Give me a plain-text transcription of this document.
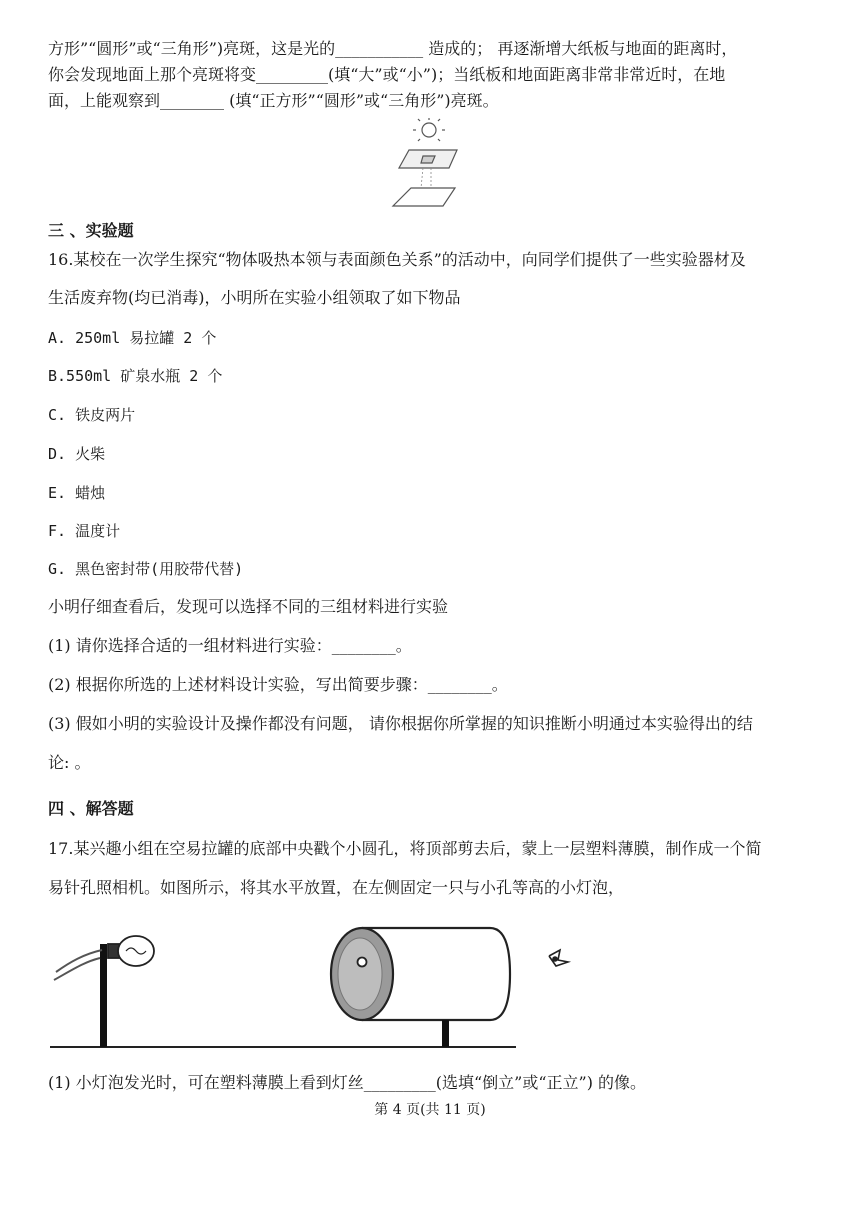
方形”“圆形”或“三角形”)亮斑，这是光的___________ 造成的； 再逐渐增大纸板与地面的距离时，
你会发现地面上那个亮斑将变_________(填“大”或“小”)；当纸板和地面距离非常非常近时，在地
面，上能观察到________ (填“正方形”“圆形”或“三角形”)亮斑。
三 、实验题
16.某校在一次学生探究“物体吸热本领与表面颜色关系”的活动中，向同学们提供了一些实验器材及
生活废弃物(均已消毒)，小明所在实验小组领取了如下物品
A. 250ml 易拉罐 2 个
B.550ml 矿泉水瓶 2 个
C. 铁皮两片
D. 火柴
E. 蜡烛
F. 温度计
G. 黑色密封带(用胶带代替)
小明仔细查看后，发现可以选择不同的三组材料进行实验
(1) 请你选择合适的一组材料进行实验：________。
(2) 根据你所选的上述材料设计实验，写出简要步骤：________。
(3) 假如小明的实验设计及操作都没有问题， 请你根据你所掌握的知识推断小明通过本实验得出的结
论: 。
四 、解答题
17.某兴趣小组在空易拉罐的底部中央戳个小圆孔，将顶部剪去后，蒙上一层塑料薄膜，制作成一个简
易针孔照相机。如图所示，将其水平放置，在左侧固定一只与小孔等高的小灯泡，
(1) 小灯泡发光时，可在塑料薄膜上看到灯丝_________(选填“倒立”或“正立”) 的像。
第 4 页(共 11 页)
